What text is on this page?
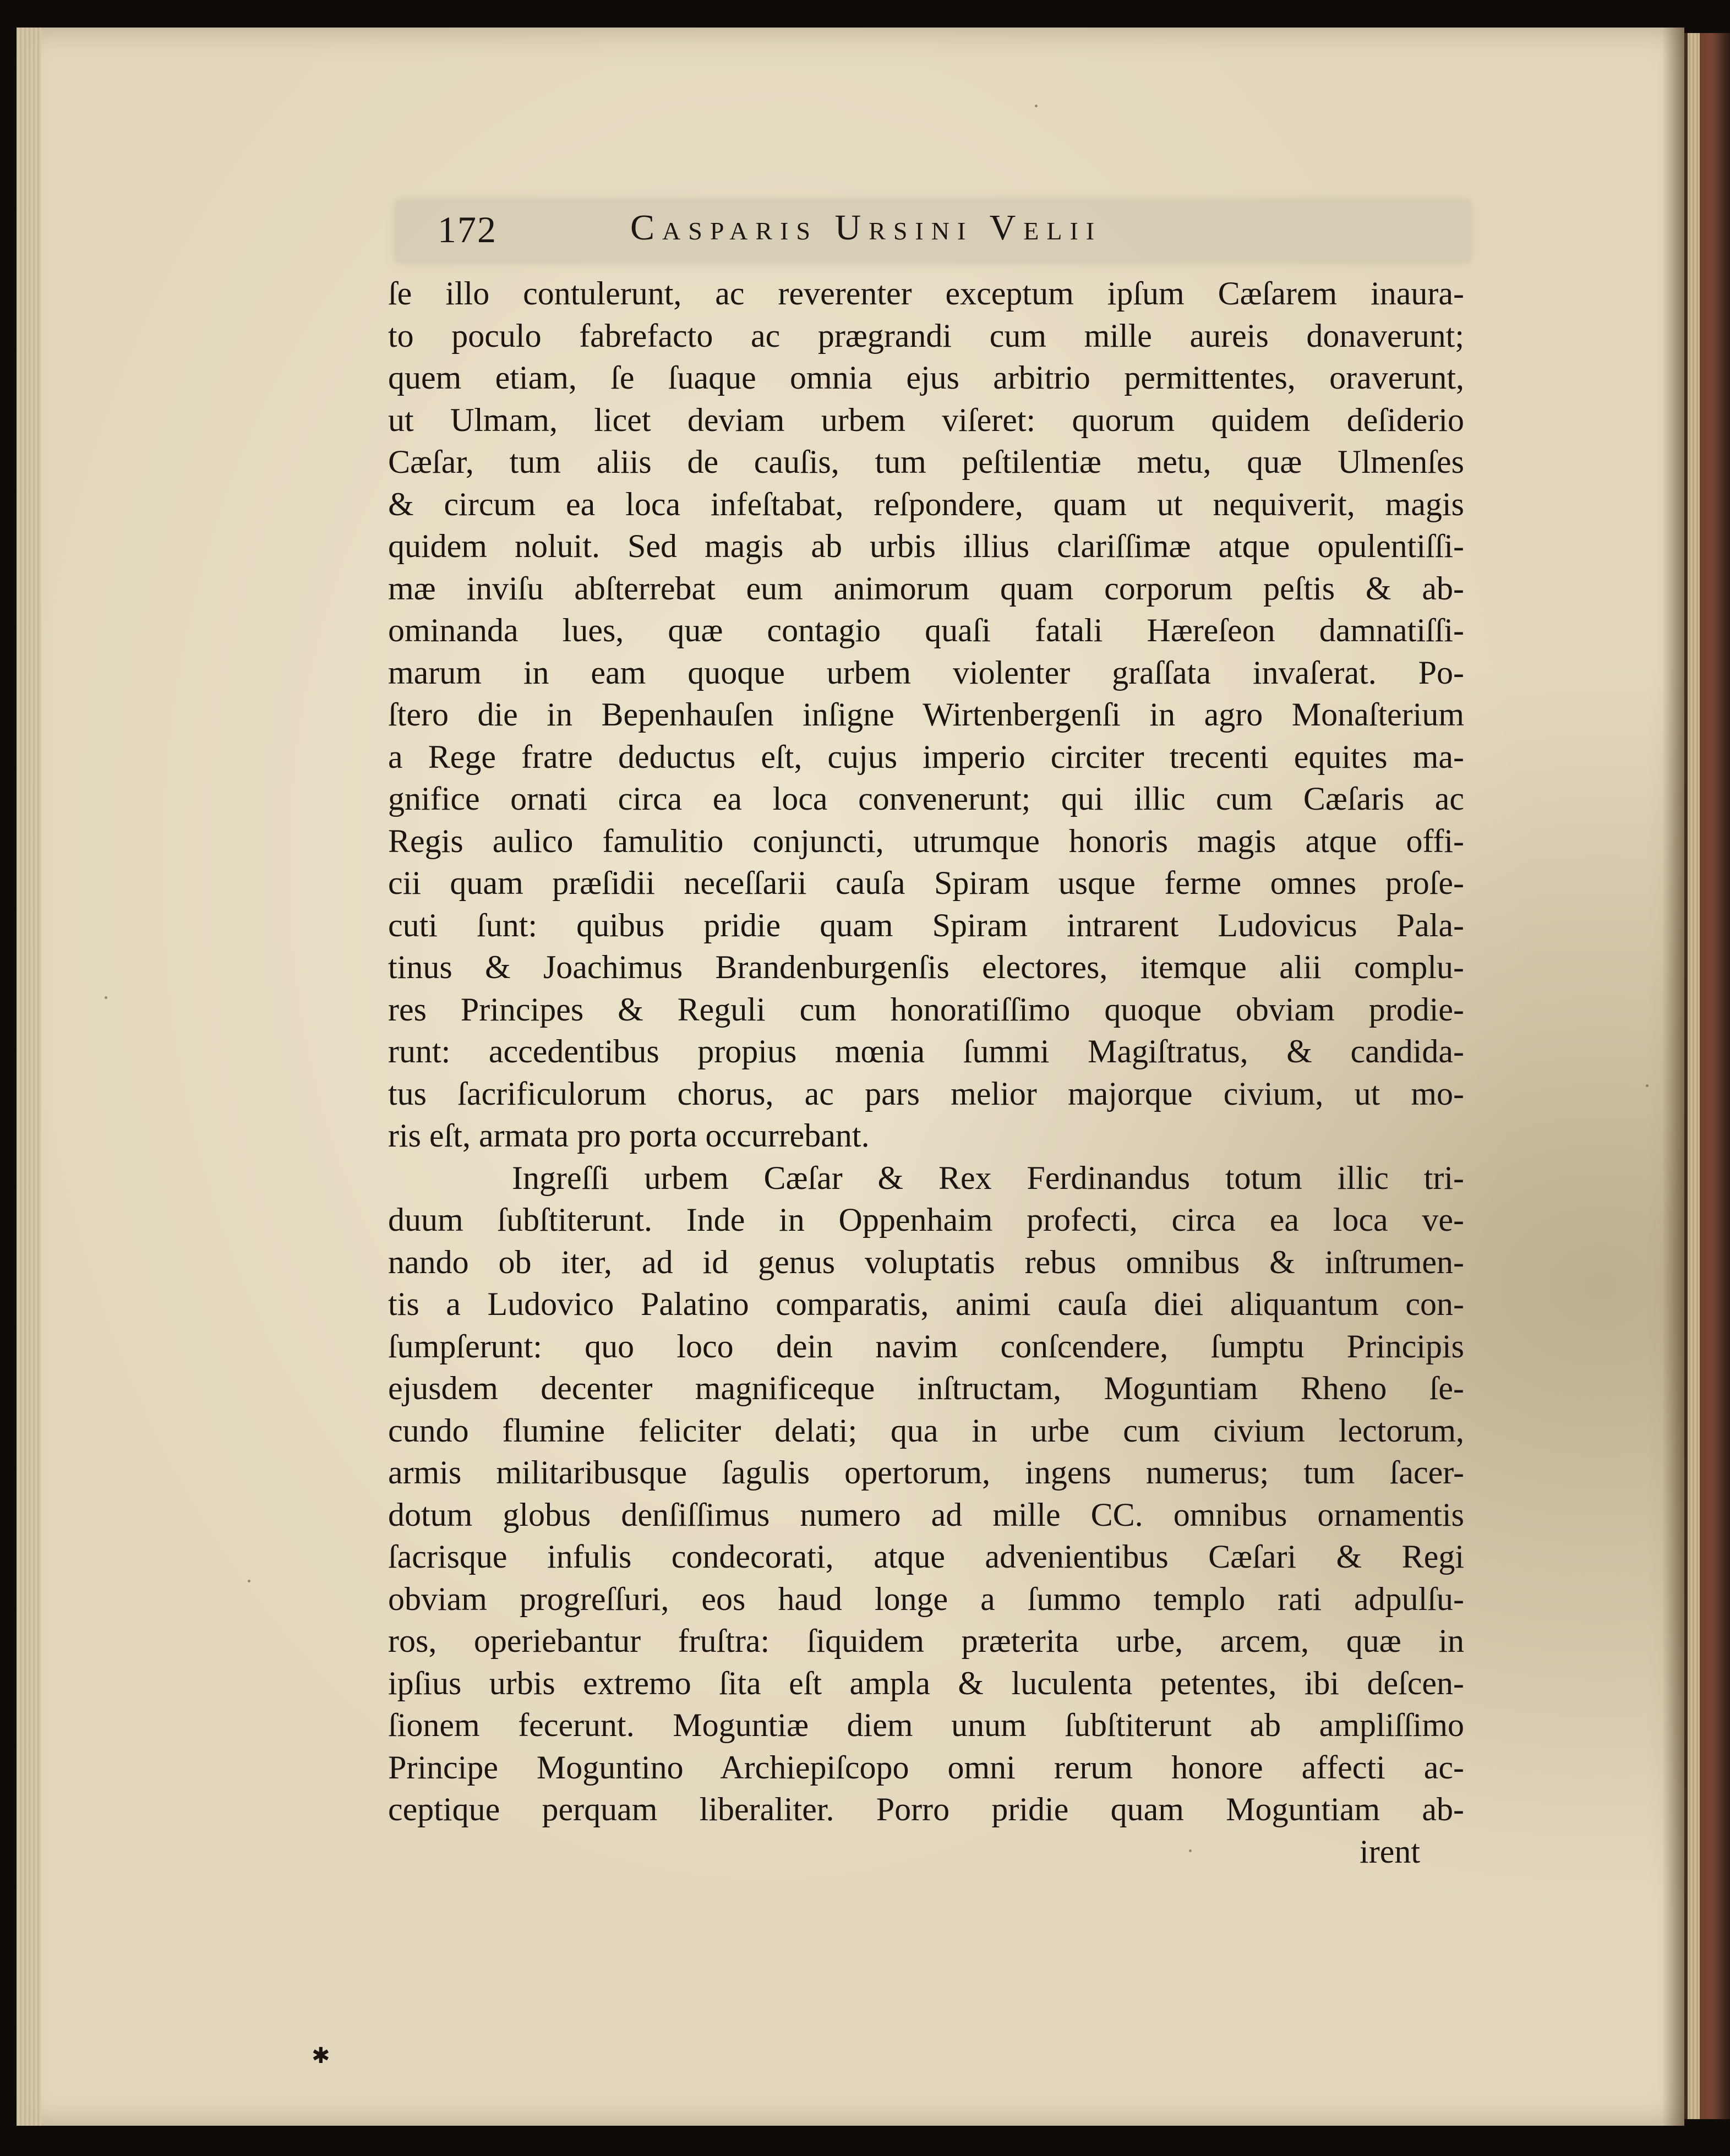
172	Casparis Ursini Velii
ſe illo contulerunt, ac reverenter exceptum ipſum Cæſarem inaura-
to poculo fabrefacto ac prægrandi cum mille aureis donaverunt;
quem etiam, ſe ſuaque omnia ejus arbitrio permittentes, oraverunt,
ut Ulmam, licet deviam urbem viſeret: quorum quidem deſiderio
Cæſar, tum aliis de cauſis, tum peſtilentiæ metu, quæ Ulmenſes
& circum ea loca infeſtabat, reſpondere, quam ut nequiverit, magis
quidem noluit. Sed magis ab urbis illius clariſſimæ atque opulentiſſi-
mæ inviſu abſterrebat eum animorum quam corporum peſtis & ab-
ominanda lues, quæ contagio quaſi fatali Hæreſeon damnatiſſi-
marum in eam quoque urbem violenter graſſata invaſerat. Po-
ſtero die in Bepenhauſen inſigne Wirtenbergenſi in agro Monaſterium
a Rege fratre deductus eſt, cujus imperio circiter trecenti equites ma-
gnifice ornati circa ea loca convenerunt; qui illic cum Cæſaris ac
Regis aulico famulitio conjuncti, utrumque honoris magis atque offi-
cii quam præſidii neceſſarii cauſa Spiram usque ferme omnes proſe-
cuti ſunt: quibus pridie quam Spiram intrarent Ludovicus Pala-
tinus & Joachimus Brandenburgenſis electores, itemque alii complu-
res Principes & Reguli cum honoratiſſimo quoque obviam prodie-
runt: accedentibus propius mœnia ſummi Magiſtratus, & candida-
tus ſacrificulorum chorus, ac pars melior majorque civium, ut mo-
ris eſt, armata pro porta occurrebant.
Ingreſſi urbem Cæſar & Rex Ferdinandus totum illic tri-
duum ſubſtiterunt. Inde in Oppenhaim profecti, circa ea loca ve-
nando ob iter, ad id genus voluptatis rebus omnibus & inſtrumen-
tis a Ludovico Palatino comparatis, animi cauſa diei aliquantum con-
ſumpſerunt: quo loco dein navim conſcendere, ſumptu Principis
ejusdem decenter magnificeque inſtructam, Moguntiam Rheno ſe-
cundo flumine feliciter delati; qua in urbe cum civium lectorum,
armis militaribusque ſagulis opertorum, ingens numerus; tum ſacer-
dotum globus denſiſſimus numero ad mille CC. omnibus ornamentis
ſacrisque infulis condecorati, atque advenientibus Cæſari & Regi
obviam progreſſuri, eos haud longe a ſummo templo rati adpulſu-
ros, operiebantur fruſtra: ſiquidem præterita urbe, arcem, quæ in
ipſius urbis extremo ſita eſt ampla & luculenta petentes, ibi deſcen-
ſionem fecerunt. Moguntiæ diem unum ſubſtiterunt ab ampliſſimo
Principe Moguntino Archiepiſcopo omni rerum honore affecti ac-
ceptique perquam liberaliter. Porro pridie quam Moguntiam ab-
irent
✱
